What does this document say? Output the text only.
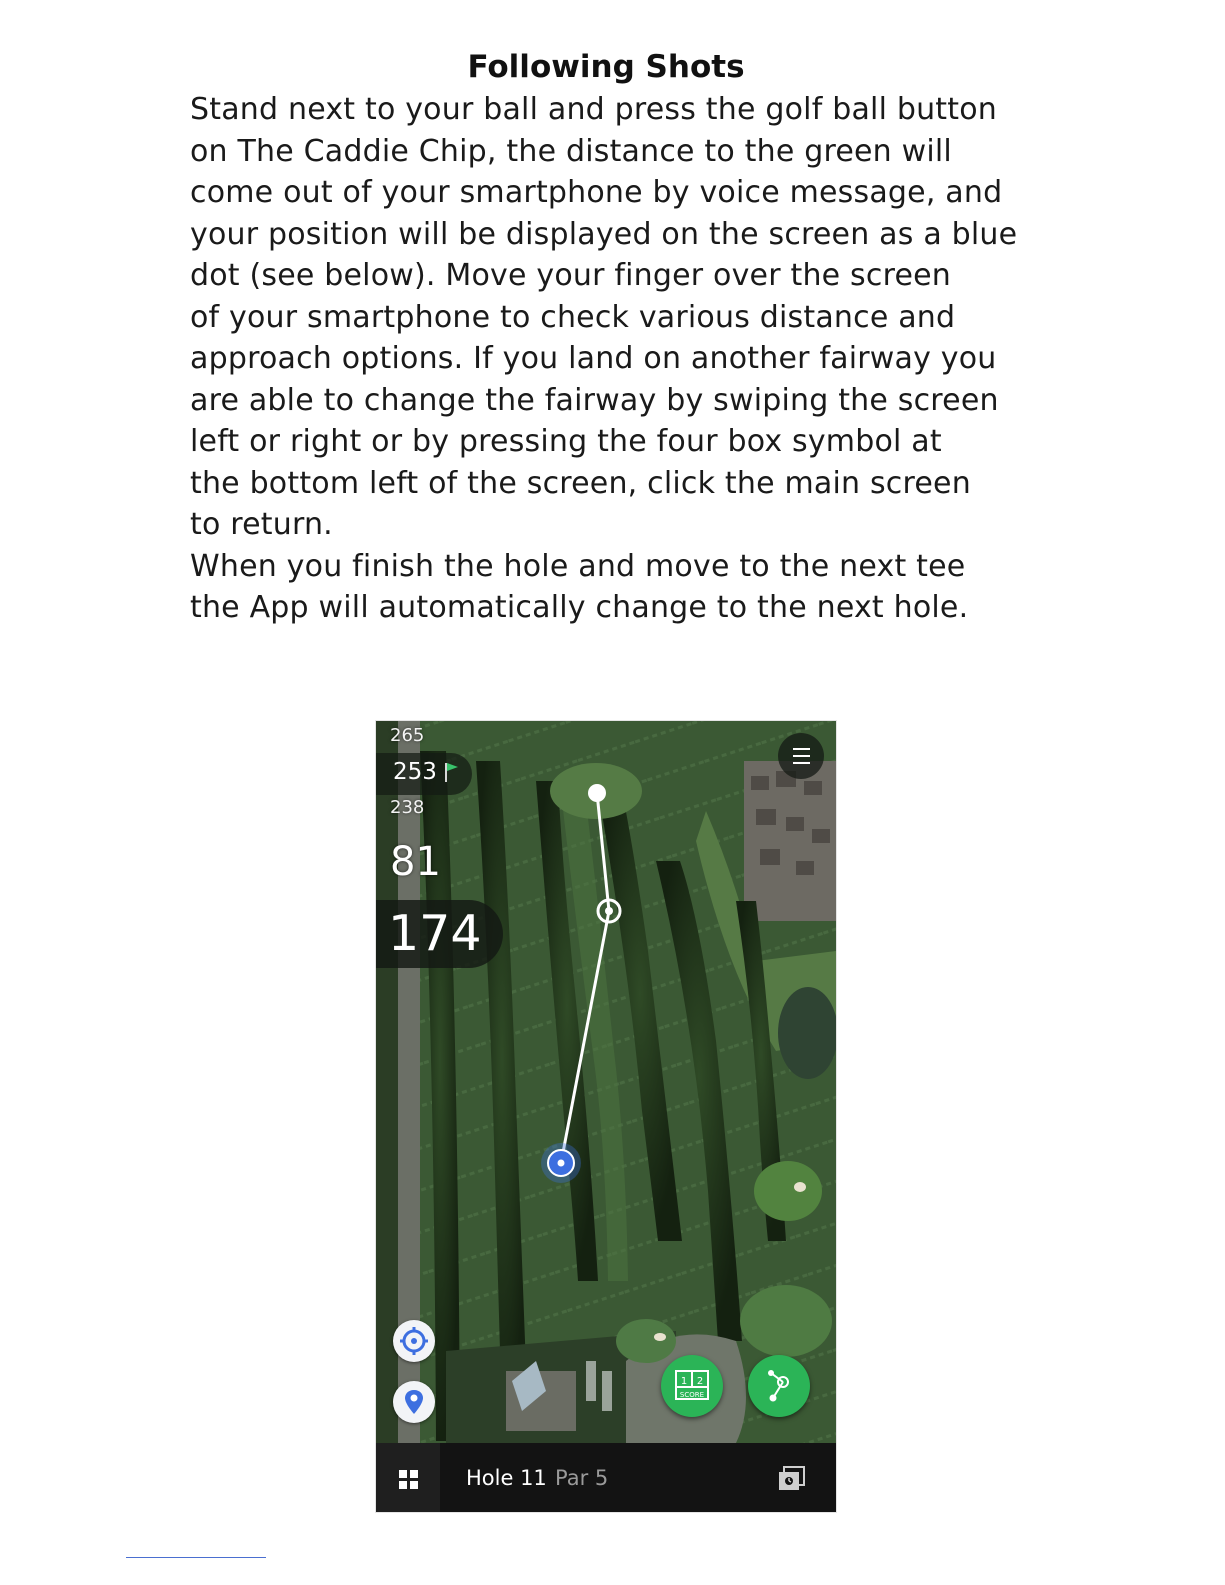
Following Shots
Stand next to your ball and press the golf ball button
on The Caddie Chip, the distance to the green will
come out of your smartphone by voice message, and
your position will be displayed on the screen as a blue
dot (see below). Move your finger over the screen
of your smartphone to check various distance and
approach options. If you land on another fairway you
are able to change the fairway by swiping the screen
left or right or by pressing the four box symbol at
the bottom left of the screen, click the main screen
to return.
When you finish the hole and move to the next tee
the App will automatically change to the next hole.
265
253
238
81
174
1 2
SCORE
Hole 11 Par 5
